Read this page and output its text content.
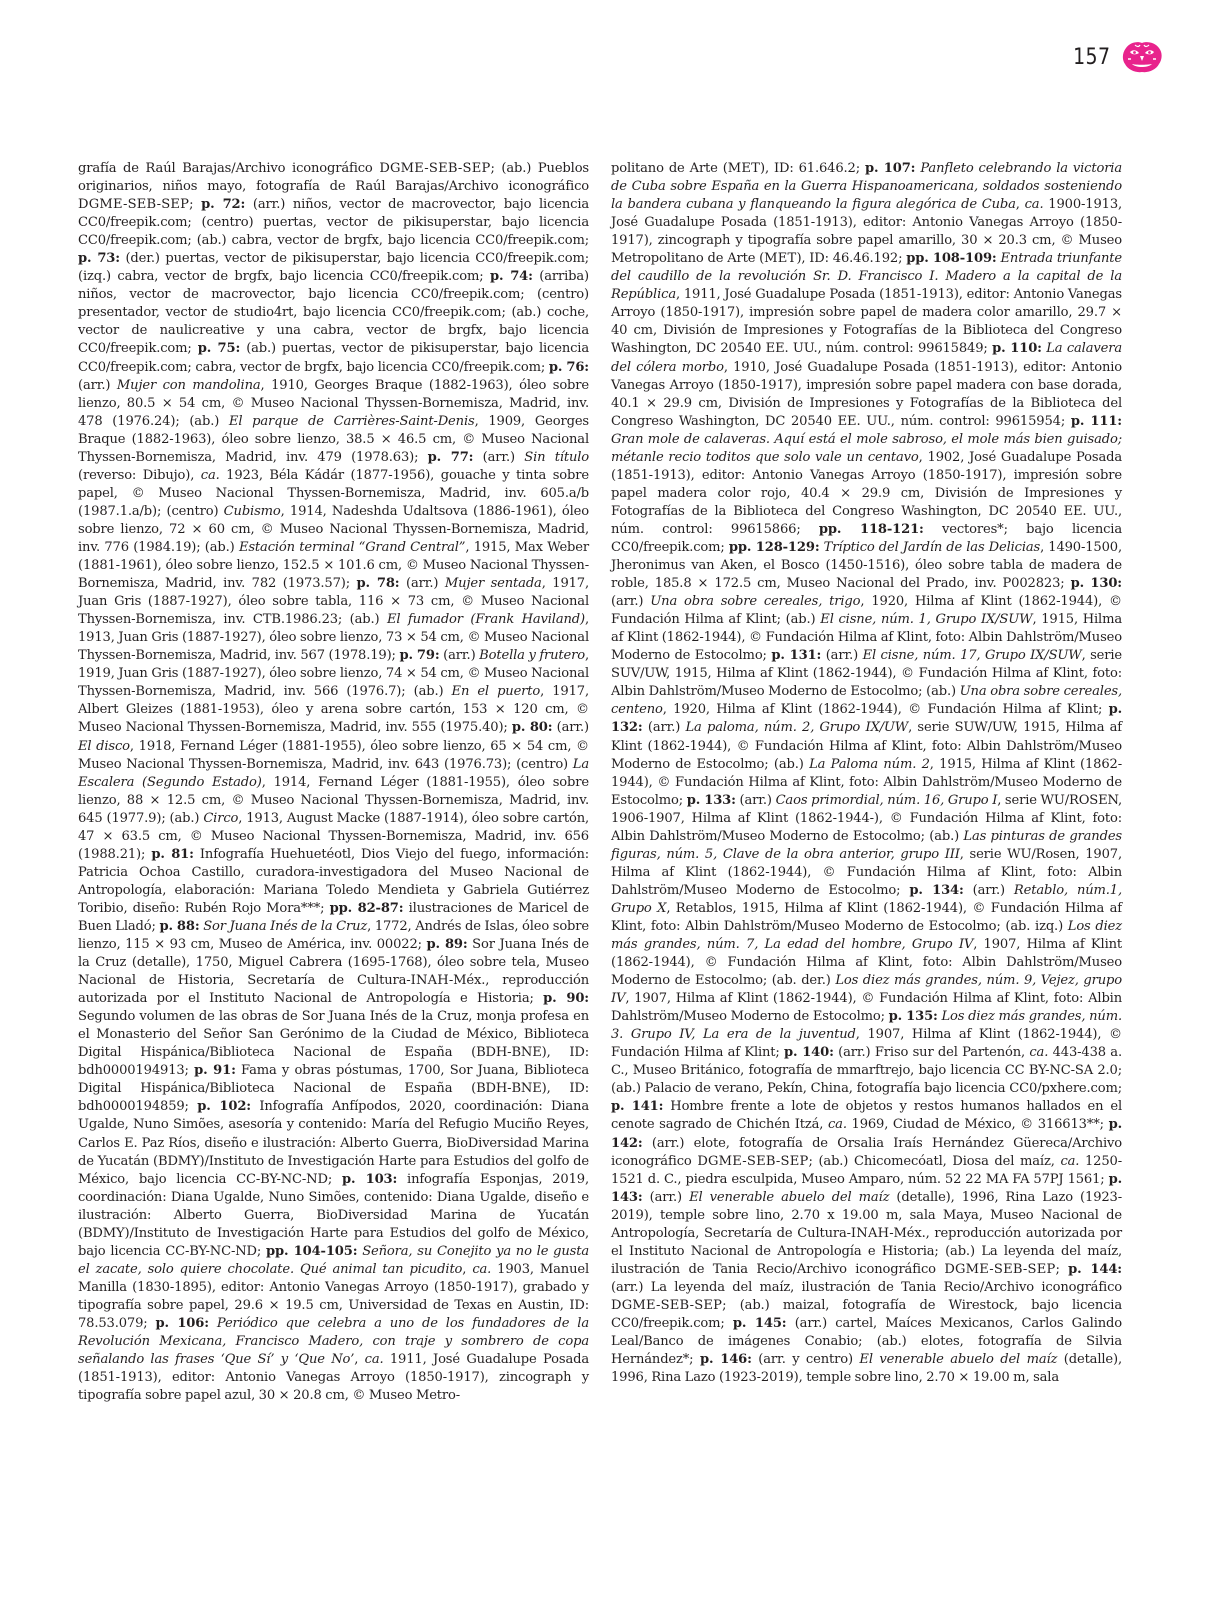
157
grafía de Raúl Barajas/Archivo iconográfico DGME-SEB-SEP; (ab.) Pueblos originarios, niños mayo, fotografía de Raúl Barajas/Archivo iconográfico DGME-SEB-SEP; p. 72: (arr.) niños, vector de macrovector, bajo licencia CC0/freepik.com; (centro) puertas, vector de pikisuperstar, bajo licencia CC0/freepik.com; (ab.) cabra, vector de brgfx, bajo licencia CC0/freepik.com; p. 73: (der.) puertas, vector de pikisuperstar, bajo licencia CC0/freepik.com; (izq.) cabra, vector de brgfx, bajo licencia CC0/freepik.com; p. 74: (arriba) niños, vector de macrovector, bajo licencia CC0/freepik.com; (centro) presentador, vector de studio4rt, bajo licencia CC0/freepik.com; (ab.) coche, vector de naulicreative y una cabra, vector de brgfx, bajo licencia CC0/freepik.com; p. 75: (ab.) puertas, vector de pikisuperstar, bajo licencia CC0/freepik.com; cabra, vector de brgfx, bajo licencia CC0/freepik.com; p. 76: (arr.) Mujer con mandolina, 1910, Georges Braque (1882-1963), óleo sobre lienzo, 80.5 × 54 cm, © Museo Nacional Thyssen-Bornemisza, Madrid, inv. 478 (1976.24); (ab.) El parque de Carrières-Saint-Denis, 1909, Georges Braque (1882-1963), óleo sobre lienzo, 38.5 × 46.5 cm, © Museo Nacional Thyssen-Bornemisza, Madrid, inv. 479 (1978.63); p. 77: (arr.) Sin título (reverso: Dibujo), ca. 1923, Béla Kádár (1877-1956), gouache y tinta sobre papel, © Museo Nacional Thyssen-Bornemisza, Madrid, inv. 605.a/b (1987.1.a/b); (centro) Cubismo, 1914, Nadeshda Udaltsova (1886-1961), óleo sobre lienzo, 72 × 60 cm, © Museo Nacional Thyssen-Bornemisza, Madrid, inv. 776 (1984.19); (ab.) Estación terminal “Grand Central”, 1915, Max Weber (1881-1961), óleo sobre lienzo, 152.5 × 101.6 cm, © Museo Nacional Thyssen-Bornemisza, Madrid, inv. 782 (1973.57); p. 78: (arr.) Mujer sentada, 1917, Juan Gris (1887-1927), óleo sobre tabla, 116 × 73 cm, © Museo Nacional Thyssen-Bornemisza, inv. CTB.1986.23; (ab.) El fumador (Frank Haviland), 1913, Juan Gris (1887-1927), óleo sobre lienzo, 73 × 54 cm, © Museo Nacional Thyssen-Bornemisza, Madrid, inv. 567 (1978.19); p. 79: (arr.) Botella y frutero, 1919, Juan Gris (1887-1927), óleo sobre lienzo, 74 × 54 cm, © Museo Nacional Thyssen-Bornemisza, Madrid, inv. 566 (1976.7); (ab.) En el puerto, 1917, Albert Gleizes (1881-1953), óleo y arena sobre cartón, 153 × 120 cm, © Museo Nacional Thyssen-Bornemisza, Madrid, inv. 555 (1975.40); p. 80: (arr.) El disco, 1918, Fernand Léger (1881-1955), óleo sobre lienzo, 65 × 54 cm, © Museo Nacional Thyssen-Bornemisza, Madrid, inv. 643 (1976.73); (centro) La Escalera (Segundo Estado), 1914, Fernand Léger (1881-1955), óleo sobre lienzo, 88 × 12.5 cm, © Museo Nacional Thyssen-Bornemisza, Madrid, inv. 645 (1977.9); (ab.) Circo, 1913, August Macke (1887-1914), óleo sobre cartón, 47 × 63.5 cm, © Museo Nacional Thyssen-Bornemisza, Madrid, inv. 656 (1988.21); p. 81: Infografía Huehuetéotl, Dios Viejo del fuego, información: Patricia Ochoa Castillo, curadora-investigadora del Museo Nacional de Antropología, elaboración: Mariana Toledo Mendieta y Gabriela Gutiérrez Toribio, diseño: Rubén Rojo Mora***; pp. 82-87: ilustraciones de Maricel de Buen Lladó; p. 88: Sor Juana Inés de la Cruz, 1772, Andrés de Islas, óleo sobre lienzo, 115 × 93 cm, Museo de América, inv. 00022; p. 89: Sor Juana Inés de la Cruz (detalle), 1750, Miguel Cabrera (1695-1768), óleo sobre tela, Museo Nacional de Historia, Secretaría de Cultura-INAH-Méx., reproducción autorizada por el Instituto Nacional de Antropología e Historia; p. 90: Segundo volumen de las obras de Sor Juana Inés de la Cruz, monja profesa en el Monasterio del Señor San Gerónimo de la Ciudad de México, Biblioteca Digital Hispánica/Biblioteca Nacional de España (BDH-BNE), ID: bdh0000194913; p. 91: Fama y obras póstumas, 1700, Sor Juana, Biblioteca Digital Hispánica/Biblioteca Nacional de España (BDH-BNE), ID: bdh0000194859; p. 102: Infografía Anfípodos, 2020, coordinación: Diana Ugalde, Nuno Simões, asesoría y contenido: María del Refugio Muciño Reyes, Carlos E. Paz Ríos, diseño e ilustración: Alberto Guerra, BioDiversidad Marina de Yucatán (BDMY)/Instituto de Investigación Harte para Estudios del golfo de México, bajo licencia CC-BY-NC-ND; p. 103: infografía Esponjas, 2019, coordinación: Diana Ugalde, Nuno Simões, contenido: Diana Ugalde, diseño e ilustración: Alberto Guerra, BioDiversidad Marina de Yucatán (BDMY)/Instituto de Investigación Harte para Estudios del golfo de México, bajo licencia CC-BY-NC-ND; pp. 104-105: Señora, su Conejito ya no le gusta el zacate, solo quiere chocolate. Qué animal tan picudito, ca. 1903, Manuel Manilla (1830-1895), editor: Antonio Vanegas Arroyo (1850-1917), grabado y tipografía sobre papel, 29.6 × 19.5 cm, Universidad de Texas en Austin, ID: 78.53.079; p. 106: Periódico que celebra a uno de los fundadores de la Revolución Mexicana, Francisco Madero, con traje y sombrero de copa señalando las frases ‘Que Sí’ y ‘Que No’, ca. 1911, José Guadalupe Posada (1851-1913), editor: Antonio Vanegas Arroyo (1850-1917), zincograph y tipografía sobre papel azul, 30 × 20.8 cm, © Museo Metro-
politano de Arte (MET), ID: 61.646.2; p. 107: Panfleto celebrando la victoria de Cuba sobre España en la Guerra Hispanoamericana, soldados sosteniendo la bandera cubana y flanqueando la figura alegórica de Cuba, ca. 1900-1913, José Guadalupe Posada (1851-1913), editor: Antonio Vanegas Arroyo (1850-1917), zincograph y tipografía sobre papel amarillo, 30 × 20.3 cm, © Museo Metropolitano de Arte (MET), ID: 46.46.192; pp. 108-109: Entrada triunfante del caudillo de la revolución Sr. D. Francisco I. Madero a la capital de la República, 1911, José Guadalupe Posada (1851-1913), editor: Antonio Vanegas Arroyo (1850-1917), impresión sobre papel de madera color amarillo, 29.7 × 40 cm, División de Impresiones y Fotografías de la Biblioteca del Congreso Washington, DC 20540 EE. UU., núm. control: 99615849; p. 110: La calavera del cólera morbo, 1910, José Guadalupe Posada (1851-1913), editor: Antonio Vanegas Arroyo (1850-1917), impresión sobre papel madera con base dorada, 40.1 × 29.9 cm, División de Impresiones y Fotografías de la Biblioteca del Congreso Washington, DC 20540 EE. UU., núm. control: 99615954; p. 111: Gran mole de calaveras. Aquí está el mole sabroso, el mole más bien guisado; métanle recio toditos que solo vale un centavo, 1902, José Guadalupe Posada (1851-1913), editor: Antonio Vanegas Arroyo (1850-1917), impresión sobre papel madera color rojo, 40.4 × 29.9 cm, División de Impresiones y Fotografías de la Biblioteca del Congreso Washington, DC 20540 EE. UU., núm. control: 99615866; pp. 118-121: vectores*; bajo licencia CC0/freepik.com; pp. 128-129: Tríptico del Jardín de las Delicias, 1490-1500, Jheronimus van Aken, el Bosco (1450-1516), óleo sobre tabla de madera de roble, 185.8 × 172.5 cm, Museo Nacional del Prado, inv. P002823; p. 130: (arr.) Una obra sobre cereales, trigo, 1920, Hilma af Klint (1862-1944), © Fundación Hilma af Klint; (ab.) El cisne, núm. 1, Grupo IX/SUW, 1915, Hilma af Klint (1862-1944), © Fundación Hilma af Klint, foto: Albin Dahlström/Museo Moderno de Estocolmo; p. 131: (arr.) El cisne, núm. 17, Grupo IX/SUW, serie SUV/UW, 1915, Hilma af Klint (1862-1944), © Fundación Hilma af Klint, foto: Albin Dahlström/Museo Moderno de Estocolmo; (ab.) Una obra sobre cereales, centeno, 1920, Hilma af Klint (1862-1944), © Fundación Hilma af Klint; p. 132: (arr.) La paloma, núm. 2, Grupo IX/UW, serie SUW/UW, 1915, Hilma af Klint (1862-1944), © Fundación Hilma af Klint, foto: Albin Dahlström/Museo Moderno de Estocolmo; (ab.) La Paloma núm. 2, 1915, Hilma af Klint (1862-1944), © Fundación Hilma af Klint, foto: Albin Dahlström/Museo Moderno de Estocolmo; p. 133: (arr.) Caos primordial, núm. 16, Grupo I, serie WU/ROSEN, 1906-1907, Hilma af Klint (1862-1944-), © Fundación Hilma af Klint, foto: Albin Dahlström/Museo Moderno de Estocolmo; (ab.) Las pinturas de grandes figuras, núm. 5, Clave de la obra anterior, grupo III, serie WU/Rosen, 1907, Hilma af Klint (1862-1944), © Fundación Hilma af Klint, foto: Albin Dahlström/Museo Moderno de Estocolmo; p. 134: (arr.) Retablo, núm.1, Grupo X, Retablos, 1915, Hilma af Klint (1862-1944), © Fundación Hilma af Klint, foto: Albin Dahlström/Museo Moderno de Estocolmo; (ab. izq.) Los diez más grandes, núm. 7, La edad del hombre, Grupo IV, 1907, Hilma af Klint (1862-1944), © Fundación Hilma af Klint, foto: Albin Dahlström/Museo Moderno de Estocolmo; (ab. der.) Los diez más grandes, núm. 9, Vejez, grupo IV, 1907, Hilma af Klint (1862-1944), © Fundación Hilma af Klint, foto: Albin Dahlström/Museo Moderno de Estocolmo; p. 135: Los diez más grandes, núm. 3. Grupo IV, La era de la juventud, 1907, Hilma af Klint (1862-1944), © Fundación Hilma af Klint; p. 140: (arr.) Friso sur del Partenón, ca. 443-438 a. C., Museo Británico, fotografía de mmarftrejo, bajo licencia CC BY-NC-SA 2.0; (ab.) Palacio de verano, Pekín, China, fotografía bajo licencia CC0/pxhere.com; p. 141: Hombre frente a lote de objetos y restos humanos hallados en el cenote sagrado de Chichén Itzá, ca. 1969, Ciudad de México, © 316613**; p. 142: (arr.) elote, fotografía de Orsalia Iraís Hernández Güereca/Archivo iconográfico DGME-SEB-SEP; (ab.) Chicomecóatl, Diosa del maíz, ca. 1250-1521 d. C., piedra esculpida, Museo Amparo, núm. 52 22 MA FA 57PJ 1561; p. 143: (arr.) El venerable abuelo del maíz (detalle), 1996, Rina Lazo (1923-2019), temple sobre lino, 2.70 x 19.00 m, sala Maya, Museo Nacional de Antropología, Secretaría de Cultura-INAH-Méx., reproducción autorizada por el Instituto Nacional de Antropología e Historia; (ab.) La leyenda del maíz, ilustración de Tania Recio/Archivo iconográfico DGME-SEB-SEP; p. 144: (arr.) La leyenda del maíz, ilustración de Tania Recio/Archivo iconográfico DGME-SEB-SEP; (ab.) maizal, fotografía de Wirestock, bajo licencia CC0/freepik.com; p. 145: (arr.) cartel, Maíces Mexicanos, Carlos Galindo Leal/Banco de imágenes Conabio; (ab.) elotes, fotografía de Silvia Hernández*; p. 146: (arr. y centro) El venerable abuelo del maíz (detalle), 1996, Rina Lazo (1923-2019), temple sobre lino, 2.70 × 19.00 m, sala
